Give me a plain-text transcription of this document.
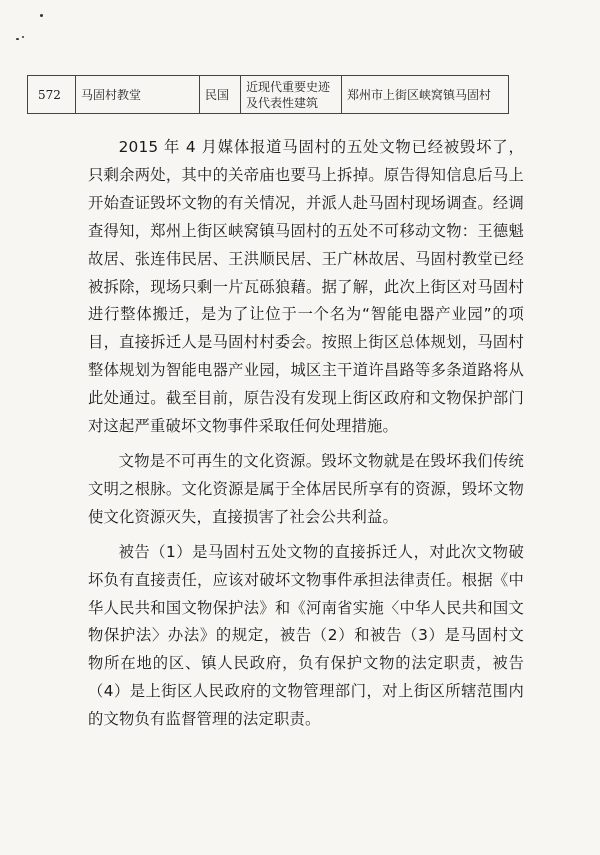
572	马固村教堂	民国	近现代重要史迹及代表性建筑	郑州市上街区峡窝镇马固村

2015 年 4 月媒体报道马固村的五处文物已经被毁坏了，只剩余两处，其中的关帝庙也要马上拆掉。原告得知信息后马上开始查证毁坏文物的有关情况，并派人赴马固村现场调查。经调查得知，郑州上街区峡窝镇马固村的五处不可移动文物：王德魁故居、张连伟民居、王洪顺民居、王广林故居、马固村教堂已经被拆除，现场只剩一片瓦砾狼藉。据了解，此次上街区对马固村进行整体搬迁，是为了让位于一个名为“智能电器产业园”的项目，直接拆迁人是马固村村委会。按照上街区总体规划，马固村整体规划为智能电器产业园，城区主干道许昌路等多条道路将从此处通过。截至目前，原告没有发现上街区政府和文物保护部门对这起严重破坏文物事件采取任何处理措施。

文物是不可再生的文化资源。毁坏文物就是在毁坏我们传统文明之根脉。文化资源是属于全体居民所享有的资源，毁坏文物使文化资源灭失，直接损害了社会公共利益。

被告（1）是马固村五处文物的直接拆迁人，对此次文物破坏负有直接责任，应该对破坏文物事件承担法律责任。根据《中华人民共和国文物保护法》和《河南省实施〈中华人民共和国文物保护法〉办法》的规定，被告（2）和被告（3）是马固村文物所在地的区、镇人民政府，负有保护文物的法定职责，被告（4）是上街区人民政府的文物管理部门，对上街区所辖范围内的文物负有监督管理的法定职责。
